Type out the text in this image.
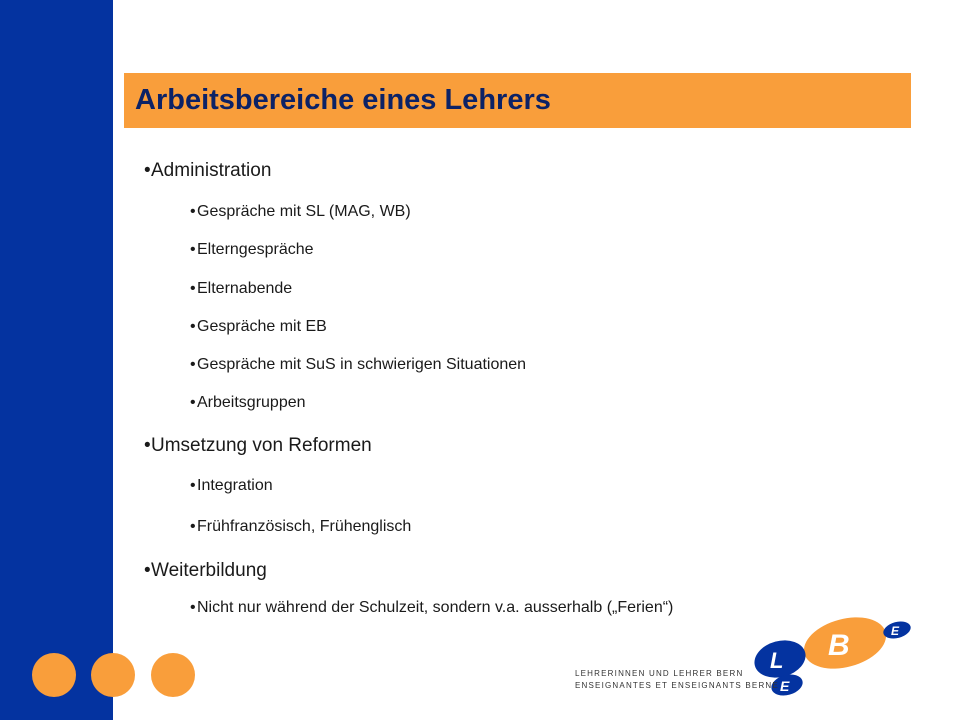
Arbeitsbereiche eines Lehrers
•Administration
•Gespräche mit SL (MAG, WB)
•Elterngespräche
•Elternabende
•Gespräche mit EB
•Gespräche mit SuS in schwierigen Situationen
•Arbeitsgruppen
•Umsetzung von Reformen
•Integration
•Frühfranzösisch, Frühenglisch
•Weiterbildung
•Nicht nur während der Schulzeit, sondern v.a. ausserhalb („Ferien“)
B
L
E
E
LEHRERINNEN UND LEHRER BERN
ENSEIGNANTES ET ENSEIGNANTS BERNE
